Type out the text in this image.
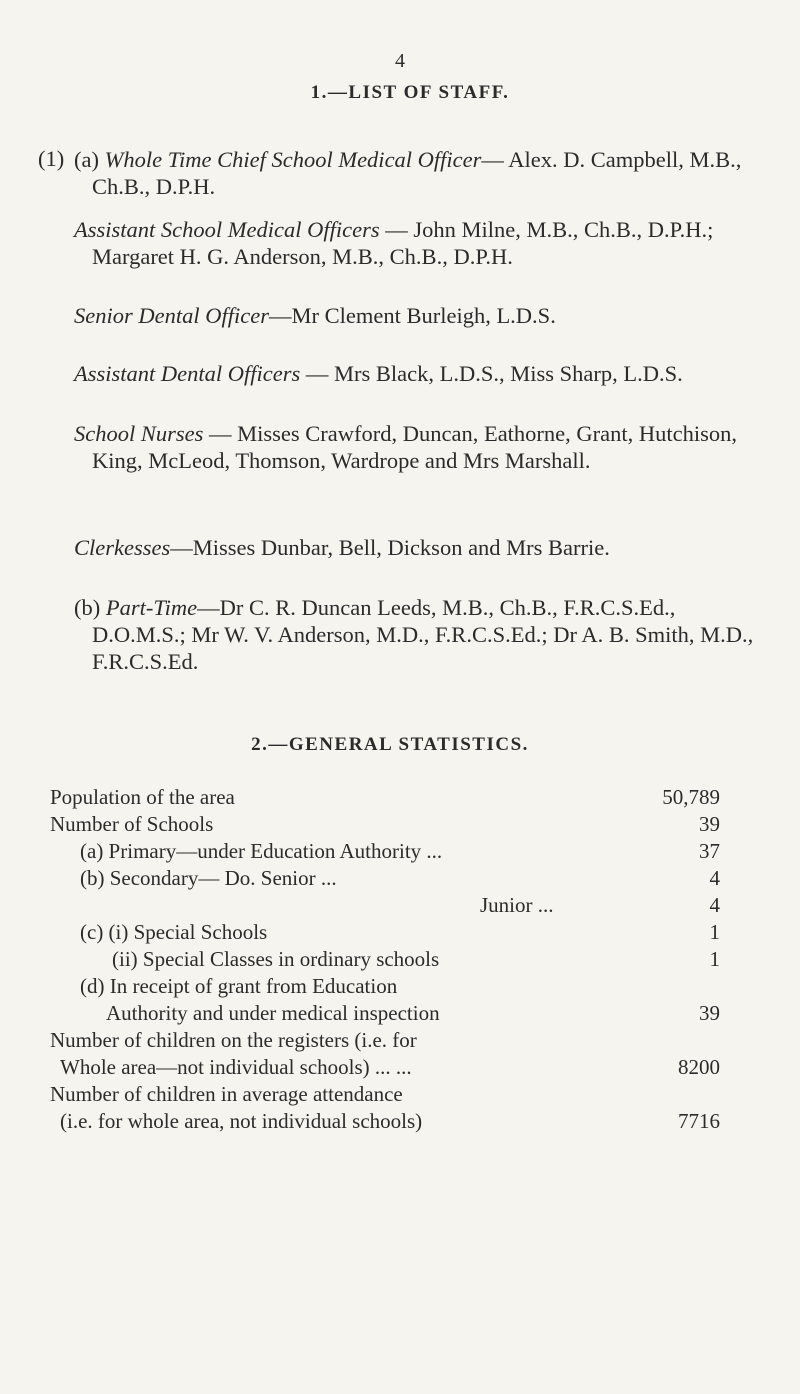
4
1.—LIST OF STAFF.
(1) (a) Whole Time Chief School Medical Officer— Alex. D. Campbell, M.B., Ch.B., D.P.H.
Assistant School Medical Officers — John Milne, M.B., Ch.B., D.P.H.; Margaret H. G. Anderson, M.B., Ch.B., D.P.H.
Senior Dental Officer—Mr Clement Burleigh, L.D.S.
Assistant Dental Officers — Mrs Black, L.D.S., Miss Sharp, L.D.S.
School Nurses — Misses Crawford, Duncan, Eathorne, Grant, Hutchison, King, McLeod, Thomson, Wardrope and Mrs Marshall.
Clerkesses—Misses Dunbar, Bell, Dickson and Mrs Barrie.
(b) Part-Time—Dr C. R. Duncan Leeds, M.B., Ch.B., F.R.C.S.Ed., D.O.M.S.; Mr W. V. Anderson, M.D., F.R.C.S.Ed.; Dr A. B. Smith, M.D., F.R.C.S.Ed.
2.—GENERAL STATISTICS.
Population of the area	50,789
Number of Schools	39
(a) Primary—under Education Authority ...	37
(b) Secondary— Do. Senior ...	4
Junior ...	4
(c) (i) Special Schools	1
(ii) Special Classes in ordinary schools	1
(d) In receipt of grant from Education
Authority and under medical inspection	39
Number of children on the registers (i.e. for
Whole area—not individual schools) ... ...	8200
Number of children in average attendance
(i.e. for whole area, not individual schools)	7716
